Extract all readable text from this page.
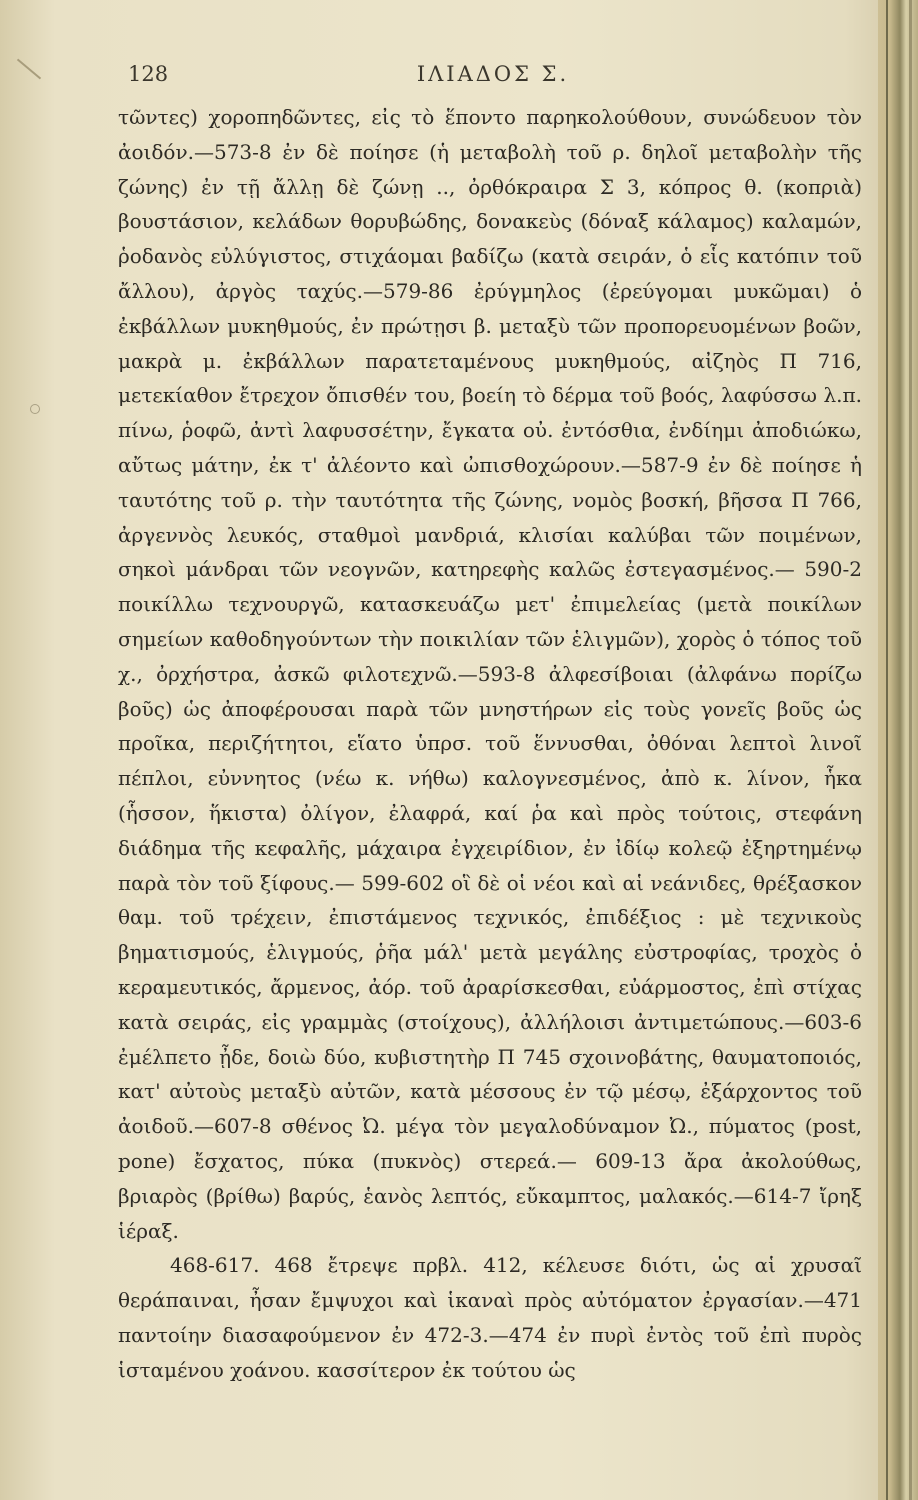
128	ΙΛΙΑΔΟΣ Σ.

τῶντες) χοροπηδῶντες, εἰς τὸ ἕποντο παρηκολούθουν, συνώδευον τὸν ἀοιδόν.—573-8 ἐν δὲ ποίησε (ἡ μεταβολὴ τοῦ ρ. δηλοῖ μεταβολὴν τῆς ζώνης) ἐν τῇ ἄλλῃ δὲ ζώνῃ .., ὀρθόκραιρα Σ 3, κόπρος θ. (κοπριὰ) βουστάσιον, κελάδων θορυβώδης, δονακεὺς (δόναξ κάλαμος) καλαμών, ῥοδανὸς εὐλύγιστος, στιχάομαι βαδίζω (κατὰ σειράν, ὁ εἷς κατόπιν τοῦ ἄλλου), ἀργὸς ταχύς.—579-86 ἐρύγμηλος (ἐρεύγομαι μυκῶμαι) ὁ ἐκβάλλων μυκηθμούς, ἐν πρώτῃσι β. μεταξὺ τῶν προπορευομένων βοῶν, μακρὰ μ. ἐκβάλλων παρατεταμένους μυκηθμούς, αἰζηὸς Π 716, μετεκίαθον ἔτρεχον ὄπισθέν του, βοείη τὸ δέρμα τοῦ βοός, λαφύσσω λ.π. πίνω, ῥοφῶ, ἀντὶ λαφυσσέτην, ἔγκατα οὐ. ἐντόσθια, ἐνδίημι ἀποδιώκω, αὔτως μάτην, ἐκ τ' ἀλέοντο καὶ ὠπισθοχώρουν.—587-9 ἐν δὲ ποίησε ἡ ταυτότης τοῦ ρ. τὴν ταυτότητα τῆς ζώνης, νομὸς βοσκή, βῆσσα Π 766, ἀργεννὸς λευκός, σταθμοὶ μανδριά, κλισίαι καλύβαι τῶν ποιμένων, σηκοὶ μάνδραι τῶν νεογνῶν, κατηρεφὴς καλῶς ἐστεγασμένος.— 590-2 ποικίλλω τεχνουργῶ, κατασκευάζω μετ' ἐπιμελείας (μετὰ ποικίλων σημείων καθοδηγούντων τὴν ποικιλίαν τῶν ἑλιγμῶν), χορὸς ὁ τόπος τοῦ χ., ὀρχήστρα, ἀσκῶ φιλοτεχνῶ.—593-8 ἀλφεσίβοιαι (ἀλφάνω πορίζω βοῦς) ὡς ἀποφέρουσαι παρὰ τῶν μνηστήρων εἰς τοὺς γονεῖς βοῦς ὡς προῖκα, περιζήτητοι, εἵατο ὑπρσ. τοῦ ἕννυσθαι, ὀθόναι λεπτοὶ λινοῖ πέπλοι, εὐννητος (νέω κ. νήθω) καλογνεσμένος, ἀπὸ κ. λίνον, ἧκα (ἧσσον, ἥκιστα) ὀλίγον, ἐλαφρά, καί ῥα καὶ πρὸς τούτοις, στεφάνη διάδημα τῆς κεφαλῆς, μάχαιρα ἐγχειρίδιον, ἐν ἰδίῳ κολεῷ ἐξηρτημένῳ παρὰ τὸν τοῦ ξίφους.— 599-602 οἳ δὲ οἱ νέοι καὶ αἱ νεάνιδες, θρέξασκον θαμ. τοῦ τρέχειν, ἐπιστάμενος τεχνικός, ἐπιδέξιος : μὲ τεχνικοὺς βηματισμούς, ἑλιγμούς, ῥῆα μάλ' μετὰ μεγάλης εὐστροφίας, τροχὸς ὁ κεραμευτικός, ἄρμενος, ἀόρ. τοῦ ἀραρίσκεσθαι, εὐάρμοστος, ἐπὶ στίχας κατὰ σειράς, εἰς γραμμὰς (στοίχους), ἀλλήλοισι ἀντιμετώπους.—603-6 ἐμέλπετο ᾖδε, δοιὼ δύο, κυβιστητὴρ Π 745 σχοινοβάτης, θαυματοποιός, κατ' αὐτοὺς μεταξὺ αὐτῶν, κατὰ μέσσους ἐν τῷ μέσῳ, ἐξάρχοντος τοῦ ἀοιδοῦ.—607-8 σθένος Ὠ. μέγα τὸν μεγαλοδύναμον Ὠ., πύματος (post, pone) ἔσχατος, πύκα (πυκνὸς) στερεά.— 609-13 ἄρα ἀκολούθως, βριαρὸς (βρίθω) βαρύς, ἑανὸς λεπτός, εὔκαμπτος, μαλακός.—614-7 ἴρηξ ἱέραξ.

468-617. 468 ἔτρεψε πρβλ. 412, κέλευσε διότι, ὡς αἱ χρυσαῖ θεράπαιναι, ἦσαν ἔμψυχοι καὶ ἱκαναὶ πρὸς αὐτόματον ἐργασίαν.—471 παντοίην διασαφούμενον ἐν 472-3.—474 ἐν πυρὶ ἐντὸς τοῦ ἐπὶ πυρὸς ἱσταμένου χοάνου. κασσίτερον ἐκ τούτου ὡς
